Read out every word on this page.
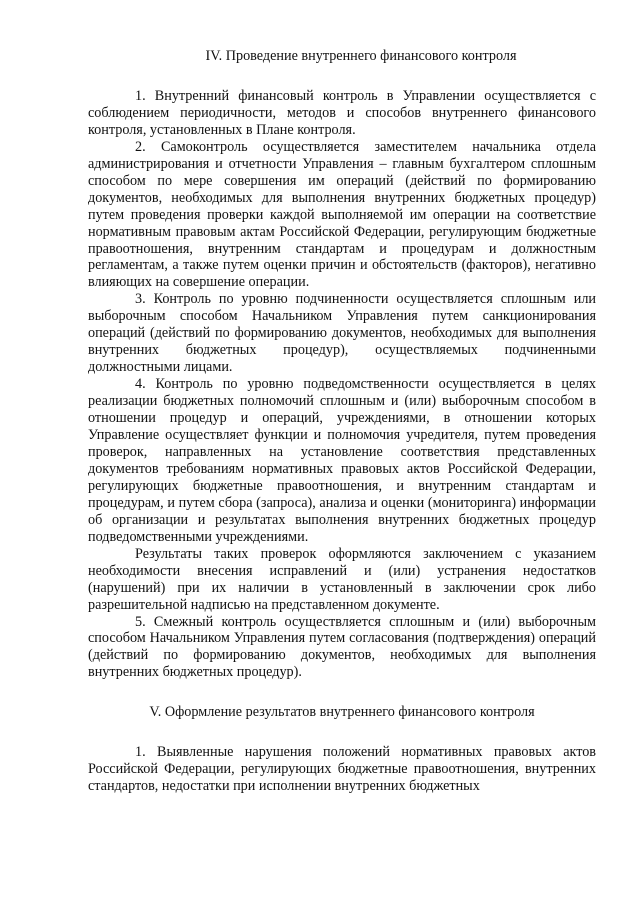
IV. Проведение внутреннего финансового контроля

1. Внутренний финансовый контроль в Управлении осуществляется с соблюдением периодичности, методов и способов внутреннего финансового контроля, установленных в Плане контроля.

2. Самоконтроль осуществляется заместителем начальника отдела администрирования и отчетности Управления – главным бухгалтером сплошным способом по мере совершения им операций (действий по формированию документов, необходимых для выполнения внутренних бюджетных процедур) путем проведения проверки каждой выполняемой им операции на соответствие нормативным правовым актам Российской Федерации, регулирующим бюджетные правоотношения, внутренним стандартам и процедурам и должностным регламентам, а также путем оценки причин и обстоятельств (факторов), негативно влияющих на совершение операции.

3. Контроль по уровню подчиненности осуществляется сплошным или выборочным способом Начальником Управления путем санкционирования операций (действий по формированию документов, необходимых для выполнения внутренних бюджетных процедур), осуществляемых подчиненными должностными лицами.

4. Контроль по уровню подведомственности осуществляется в целях реализации бюджетных полномочий сплошным и (или) выборочным способом в отношении процедур и операций, учреждениями, в отношении которых Управление осуществляет функции и полномочия учредителя, путем проведения проверок, направленных на установление соответствия представленных документов требованиям нормативных правовых актов Российской Федерации, регулирующих бюджетные правоотношения, и внутренним стандартам и процедурам, и путем сбора (запроса), анализа и оценки (мониторинга) информации об организации и результатах выполнения внутренних бюджетных процедур подведомственными учреждениями.

Результаты таких проверок оформляются заключением с указанием необходимости внесения исправлений и (или) устранения недостатков (нарушений) при их наличии в установленный в заключении срок либо разрешительной надписью на представленном документе.

5. Смежный контроль осуществляется сплошным и (или) выборочным способом Начальником Управления путем согласования (подтверждения) операций (действий по формированию документов, необходимых для выполнения внутренних бюджетных процедур).

V. Оформление результатов внутреннего финансового контроля

1. Выявленные нарушения положений нормативных правовых актов Российской Федерации, регулирующих бюджетные правоотношения, внутренних стандартов, недостатки при исполнении внутренних бюджетных
